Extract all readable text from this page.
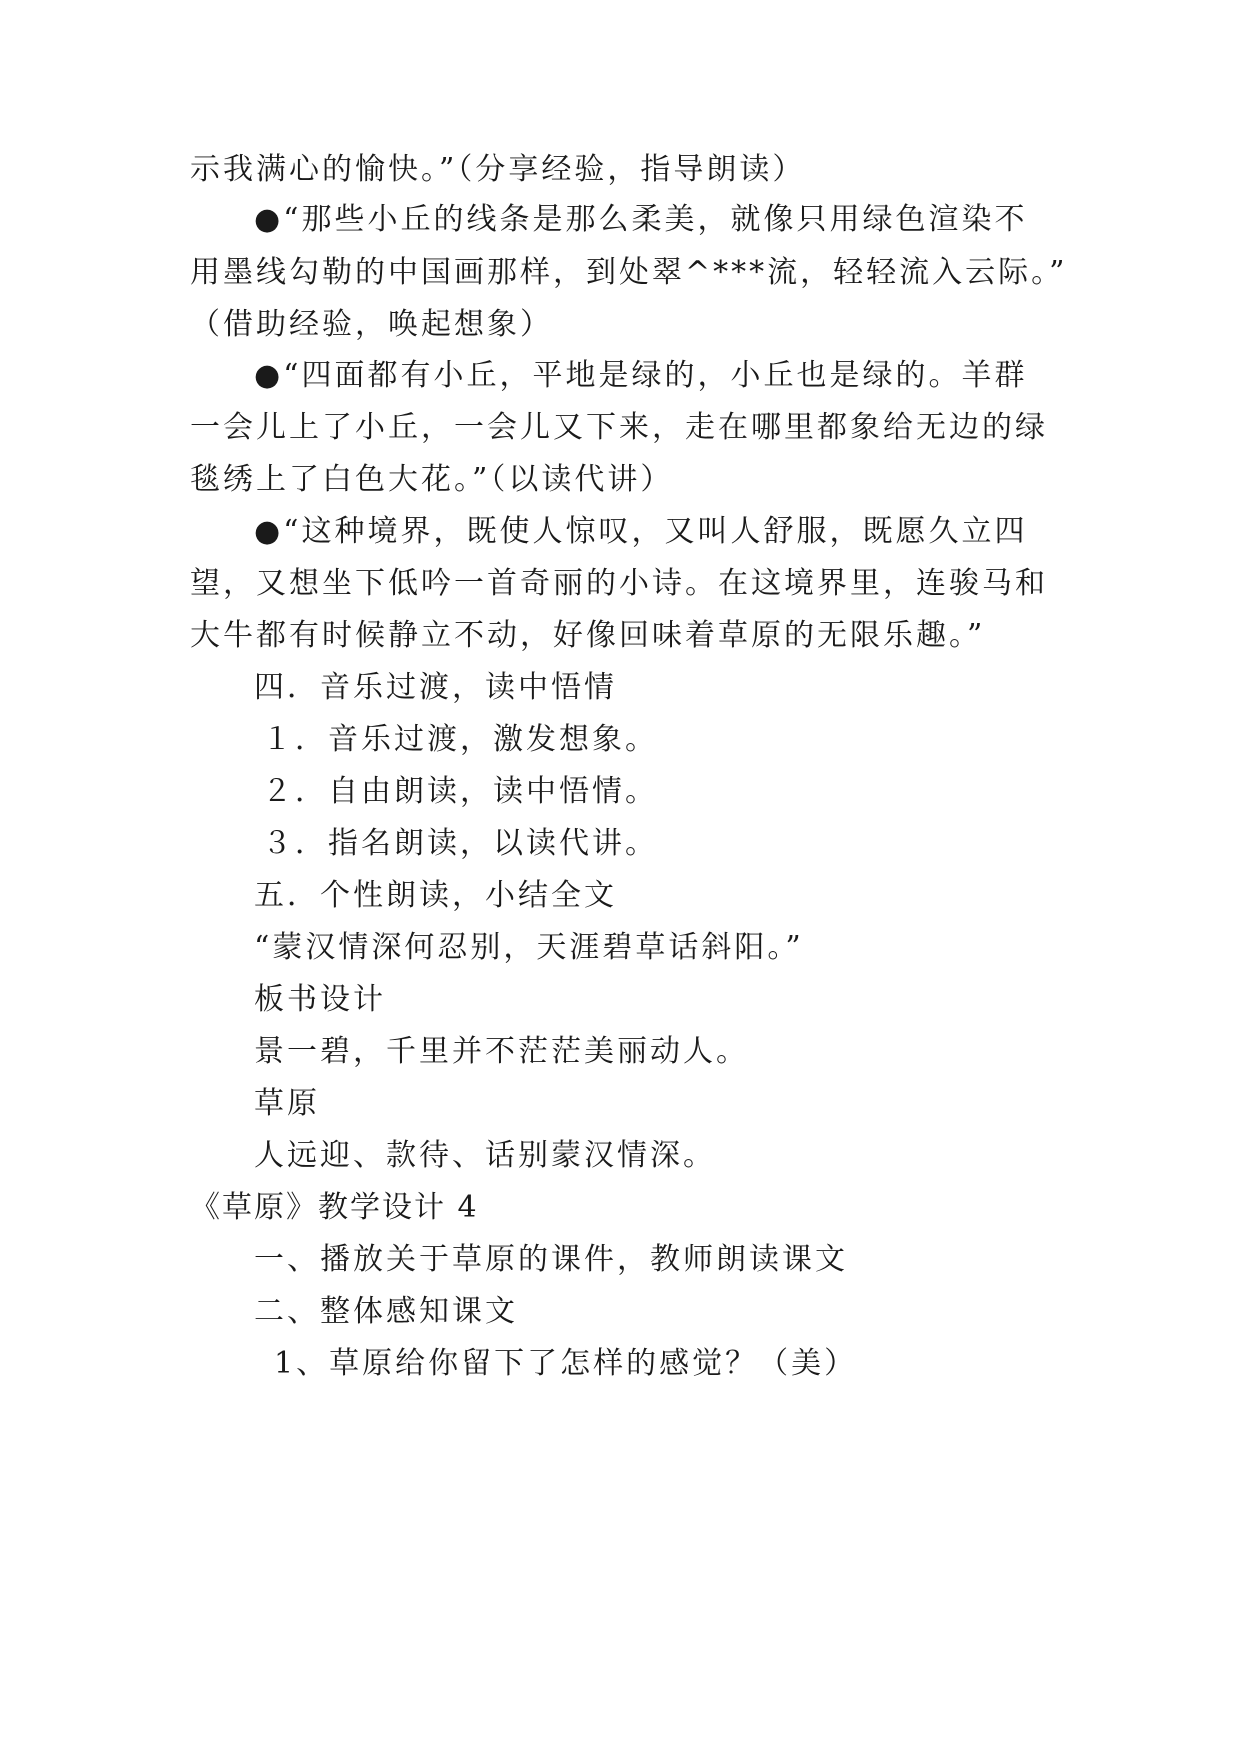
示我满心的愉快。”（分享经验，指导朗读）
●“那些小丘的线条是那么柔美，就像只用绿色渲染不
用墨线勾勒的中国画那样，到处翠^***流，轻轻流入云际。”
（借助经验，唤起想象）
●“四面都有小丘，平地是绿的，小丘也是绿的。羊群
一会儿上了小丘，一会儿又下来，走在哪里都象给无边的绿
毯绣上了白色大花。”（以读代讲）
●“这种境界，既使人惊叹，又叫人舒服，既愿久立四
望，又想坐下低吟一首奇丽的小诗。在这境界里，连骏马和
大牛都有时候静立不动，好像回味着草原的无限乐趣。”
四．音乐过渡，读中悟情
１．音乐过渡，激发想象。
２．自由朗读，读中悟情。
３．指名朗读，以读代讲。
五．个性朗读，小结全文
“蒙汉情深何忍别，天涯碧草话斜阳。”
板书设计
景一碧，千里并不茫茫美丽动人。
草原
人远迎、款待、话别蒙汉情深。
《草原》教学设计 4
一、播放关于草原的课件，教师朗读课文
二、整体感知课文
1、草原给你留下了怎样的感觉？（美）
